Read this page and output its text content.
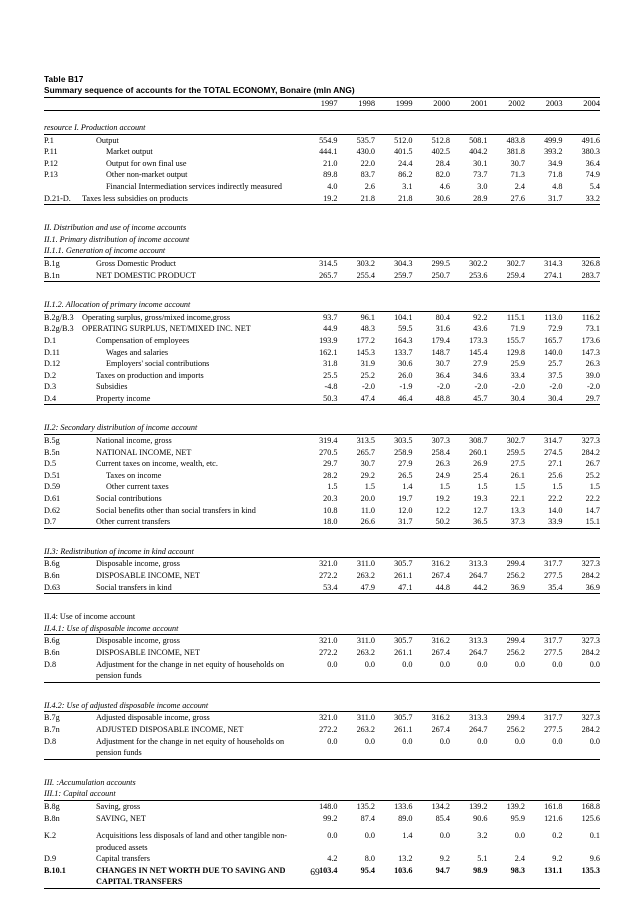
Table B17
Summary sequence of accounts for the TOTAL ECONOMY, Bonaire (mln ANG)

		1997	1998	1999	2000	2001	2002	2003	2004

resource I. Production account									

P.1	Output	554.9	535.7	512.0	512.8	508.1	483.8	499.9	491.6
P.11	Market output	444.1	430.0	401.5	402.5	404.2	381.8	393.2	380.3
P.12	Output for own final use	21.0	22.0	24.4	28.4	30.1	30.7	34.9	36.4
P.13	Other non-market output	89.8	83.7	86.2	82.0	73.7	71.3	71.8	74.9

	Financial Intermediation services indirectly measured	4.0	2.6	3.1	4.6	3.0	2.4	4.8	5.4
D.21-D.	Taxes less subsidies on products	19.2	21.8	21.8	30.6	28.9	27.6	31.7	33.2

II. Distribution and use of income accounts									
II.1. Primary distribution of income account									
II.1.1. Generation of income account									

B.1g	Gross Domestic Product	314.5	303.2	304.3	299.5	302.2	302.7	314.3	326.8
B.1n	NET DOMESTIC PRODUCT	265.7	255.4	259.7	250.7	253.6	259.4	274.1	283.7

II.1.2. Allocation of primary income account									

B.2g/B.3	Operating surplus, gross/mixed income,gross	93.7	96.1	104.1	80.4	92.2	115.1	113.0	116.2
B.2g/B.3	OPERATING SURPLUS, NET/MIXED INC. NET	44.9	48.3	59.5	31.6	43.6	71.9	72.9	73.1
D.1	Compensation of employees	193.9	177.2	164.3	179.4	173.3	155.7	165.7	173.6
D.11	Wages and salaries	162.1	145.3	133.7	148.7	145.4	129.8	140.0	147.3
D.12	Employers' social contributions	31.8	31.9	30.6	30.7	27.9	25.9	25.7	26.3
D.2	Taxes on production and imports	25.5	25.2	26.0	36.4	34.6	33.4	37.5	39.0
D.3	Subsidies	-4.8	-2.0	-1.9	-2.0	-2.0	-2.0	-2.0	-2.0
D.4	Property income	50.3	47.4	46.4	48.8	45.7	30.4	30.4	29.7

II.2: Secondary distribution of income account									

B.5g	National income, gross	319.4	313.5	303.5	307.3	308.7	302.7	314.7	327.3
B.5n	NATIONAL INCOME, NET	270.5	265.7	258.9	258.4	260.1	259.5	274.5	284.2
D.5	Current taxes on income, wealth, etc.	29.7	30.7	27.9	26.3	26.9	27.5	27.1	26.7
D.51	Taxes on income	28.2	29.2	26.5	24.9	25.4	26.1	25.6	25.2
D.59	Other current taxes	1.5	1.5	1.4	1.5	1.5	1.5	1.5	1.5
D.61	Social contributions	20.3	20.0	19.7	19.2	19.3	22.1	22.2	22.2
D.62	Social benefits other than social transfers in kind	10.8	11.0	12.0	12.2	12.7	13.3	14.0	14.7
D.7	Other current transfers	18.0	26.6	31.7	50.2	36.5	37.3	33.9	15.1

II.3: Redistribution of income in kind account									

B.6g	Disposable income, gross	321.0	311.0	305.7	316.2	313.3	299.4	317.7	327.3
B.6n	DISPOSABLE INCOME, NET	272.2	263.2	261.1	267.4	264.7	256.2	277.5	284.2
D.63	Social transfers in kind	53.4	47.9	47.1	44.8	44.2	36.9	35.4	36.9

II.4: Use of income account									
II.4.1: Use of disposable income account									

B.6g	Disposable income, gross	321.0	311.0	305.7	316.2	313.3	299.4	317.7	327.3
B.6n	DISPOSABLE INCOME, NET	272.2	263.2	261.1	267.4	264.7	256.2	277.5	284.2
D.8	Adjustment for the change in net equity of households on
pension funds	0.0	0.0	0.0	0.0	0.0	0.0	0.0	0.0

II.4.2: Use of adjusted disposable income account									

B.7g	Adjusted disposable income, gross	321.0	311.0	305.7	316.2	313.3	299.4	317.7	327.3
B.7n	ADJUSTED DISPOSABLE INCOME, NET	272.2	263.2	261.1	267.4	264.7	256.2	277.5	284.2
D.8	Adjustment for the change in net equity of households on
pension funds	0.0	0.0	0.0	0.0	0.0	0.0	0.0	0.0

III. :Accumulation accounts									
III.1: Capital account									

B.8g	Saving, gross	148.0	135.2	133.6	134.2	139.2	139.2	161.8	168.8
B.8n	SAVING, NET	99.2	87.4	89.0	85.4	90.6	95.9	121.6	125.6

K.2	Acquisitions less disposals of land and other tangible non-
produced assets	0.0	0.0	1.4	0.0	3.2	0.0	0.2	0.1
D.9	Capital transfers	4.2	8.0	13.2	9.2	5.1	2.4	9.2	9.6
B.10.1	CHANGES IN NET WORTH DUE TO SAVING AND
CAPITAL TRANSFERS	103.4	95.4	103.6	94.7	98.9	98.3	131.1	135.3

69
